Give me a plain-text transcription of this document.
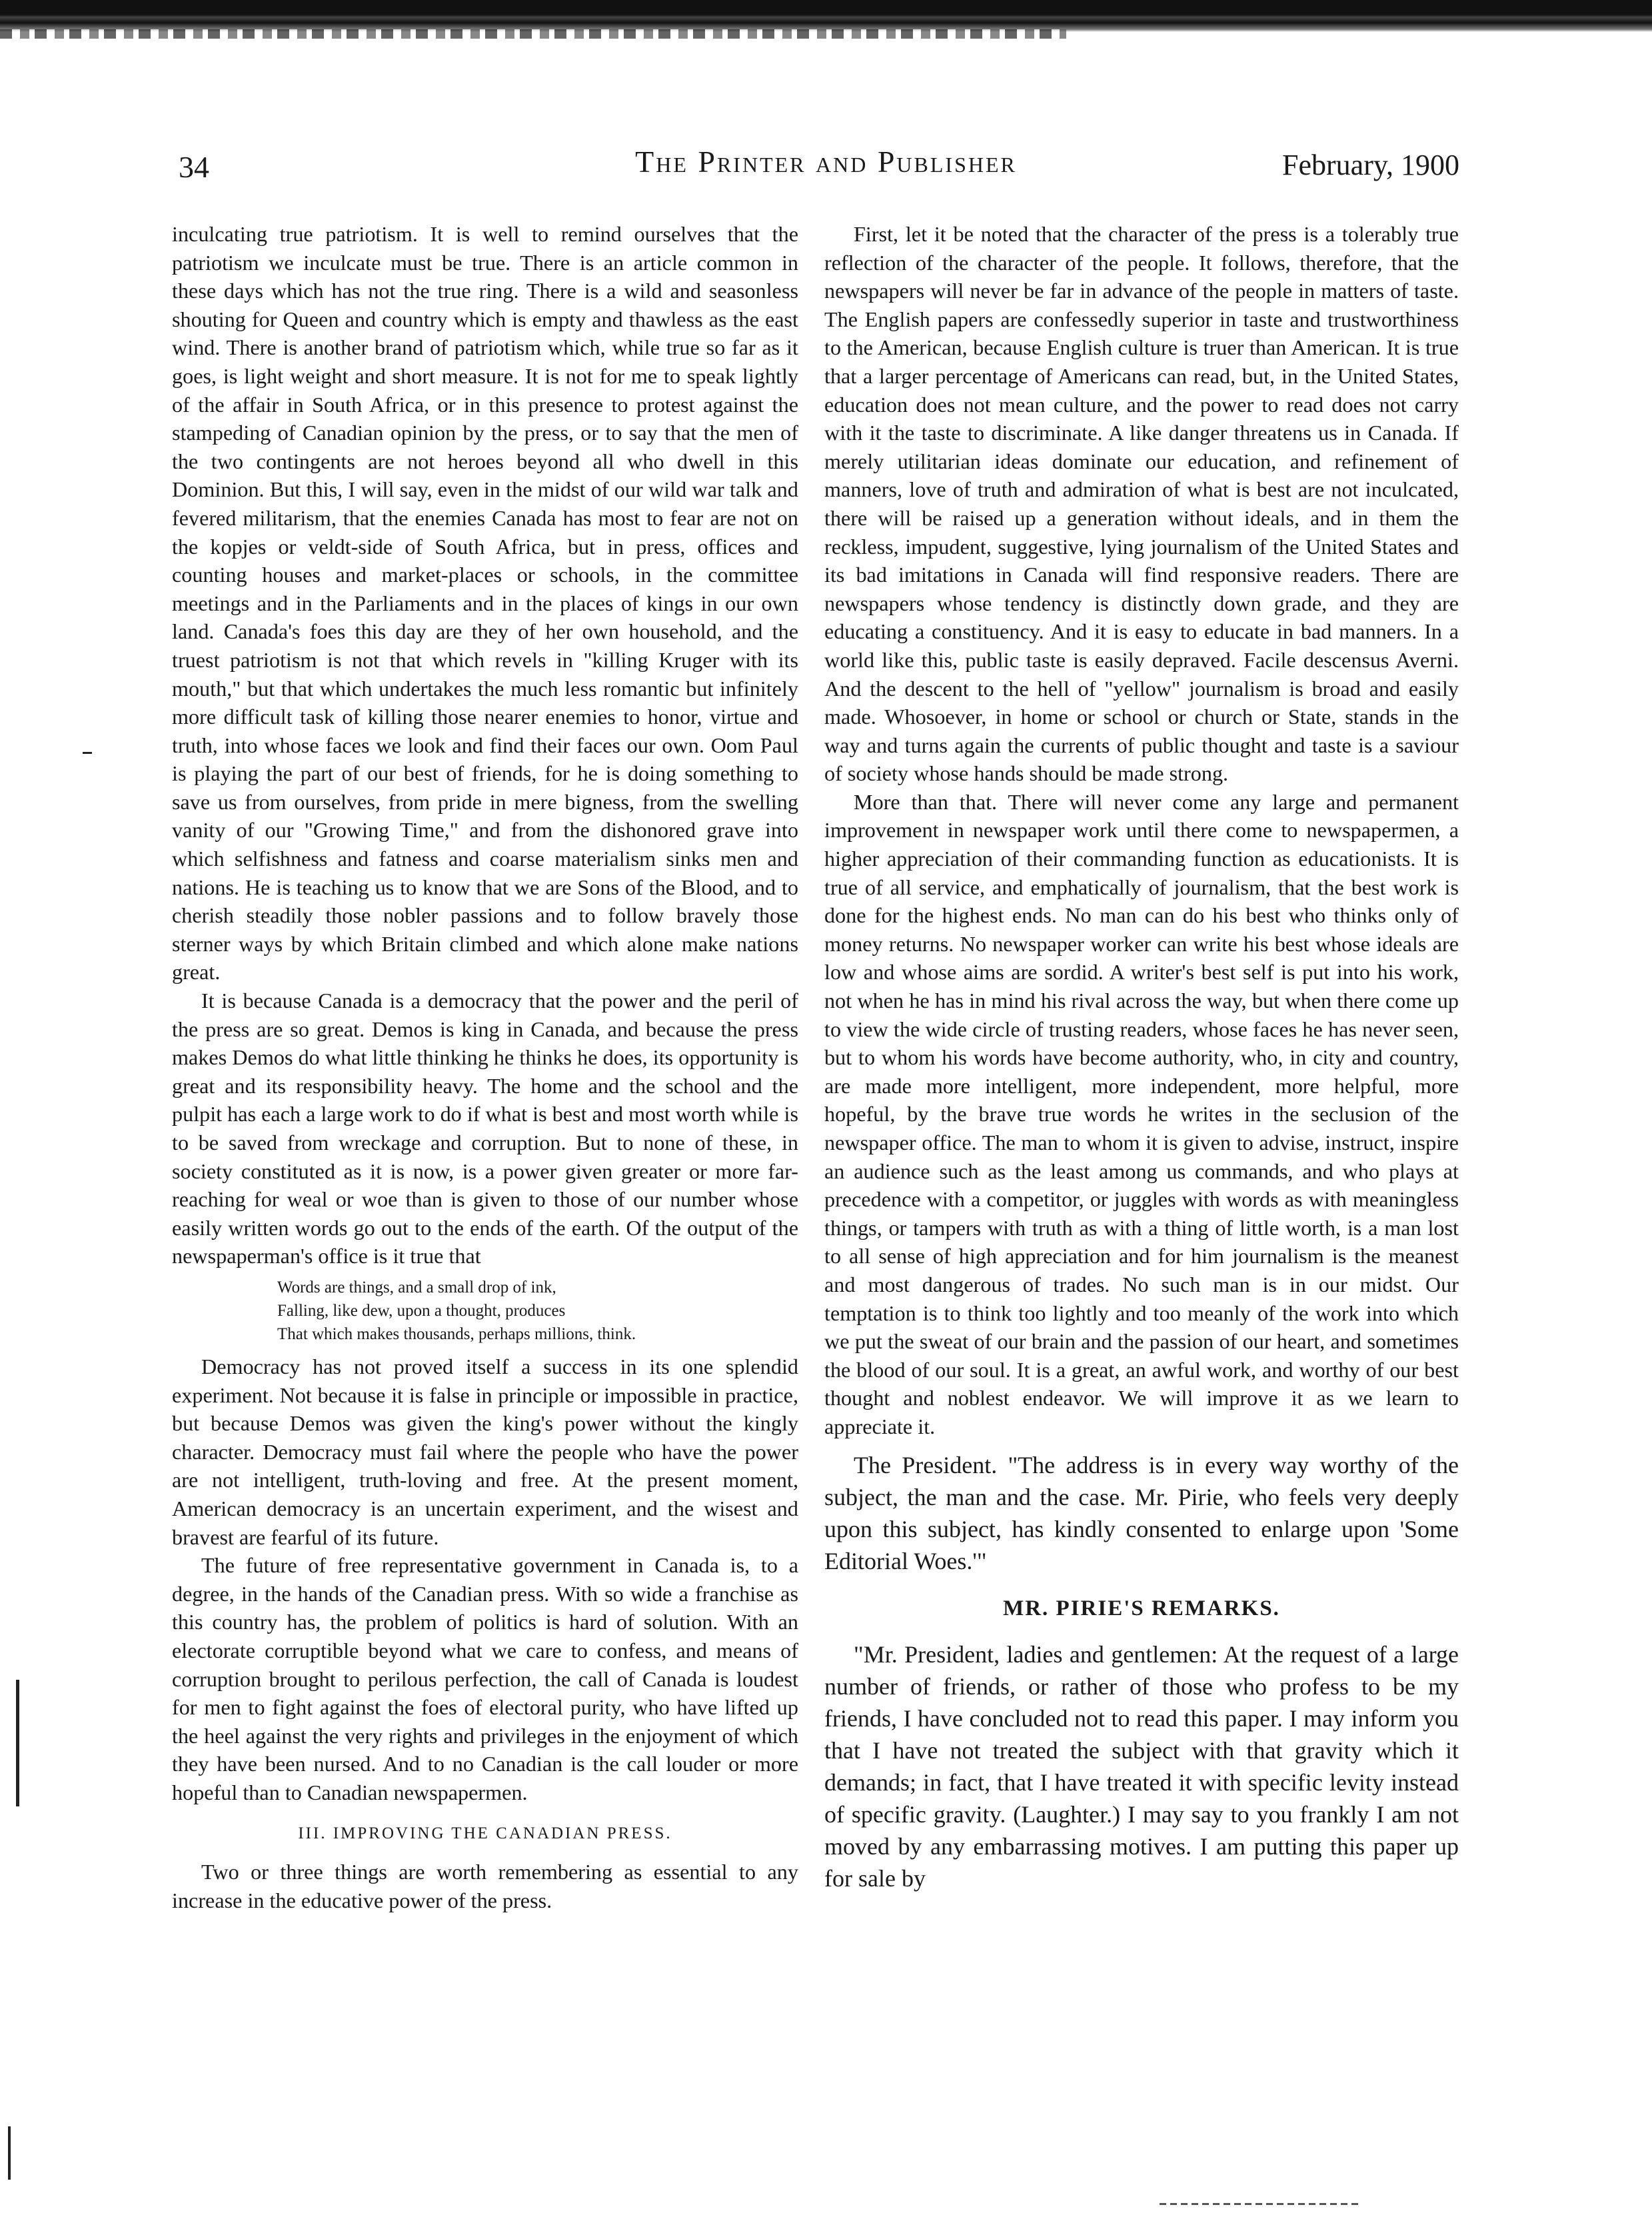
34	The Printer and Publisher	February, 1900

inculcating true patriotism. It is well to remind ourselves that the patriotism we inculcate must be true. There is an article common in these days which has not the true ring. There is a wild and seasonless shouting for Queen and country which is empty and thawless as the east wind. There is another brand of patriotism which, while true so far as it goes, is light weight and short measure. It is not for me to speak lightly of the affair in South Africa, or in this presence to protest against the stampeding of Canadian opinion by the press, or to say that the men of the two contingents are not heroes beyond all who dwell in this Dominion. But this, I will say, even in the midst of our wild war talk and fevered militarism, that the enemies Canada has most to fear are not on the kopjes or veldt-side of South Africa, but in press, offices and counting houses and market-places or schools, in the committee meetings and in the Parliaments and in the places of kings in our own land. Canada's foes this day are they of her own household, and the truest patriotism is not that which revels in "killing Kruger with its mouth," but that which undertakes the much less romantic but infinitely more difficult task of killing those nearer enemies to honor, virtue and truth, into whose faces we look and find their faces our own. Oom Paul is playing the part of our best of friends, for he is doing something to save us from ourselves, from pride in mere bigness, from the swelling vanity of our "Growing Time," and from the dishonored grave into which selfishness and fatness and coarse materialism sinks men and nations. He is teaching us to know that we are Sons of the Blood, and to cherish steadily those nobler passions and to follow bravely those sterner ways by which Britain climbed and which alone make nations great.

It is because Canada is a democracy that the power and the peril of the press are so great. Demos is king in Canada, and because the press makes Demos do what little thinking he thinks he does, its opportunity is great and its responsibility heavy. The home and the school and the pulpit has each a large work to do if what is best and most worth while is to be saved from wreckage and corruption. But to none of these, in society constituted as it is now, is a power given greater or more far-reaching for weal or woe than is given to those of our number whose easily written words go out to the ends of the earth. Of the output of the newspaperman's office is it true that

Words are things, and a small drop of ink,
Falling, like dew, upon a thought, produces
That which makes thousands, perhaps millions, think.

Democracy has not proved itself a success in its one splendid experiment. Not because it is false in principle or impossible in practice, but because Demos was given the king's power without the kingly character. Democracy must fail where the people who have the power are not intelligent, truth-loving and free. At the present moment, American democracy is an uncertain experiment, and the wisest and bravest are fearful of its future.

The future of free representative government in Canada is, to a degree, in the hands of the Canadian press. With so wide a franchise as this country has, the problem of politics is hard of solution. With an electorate corruptible beyond what we care to confess, and means of corruption brought to perilous perfection, the call of Canada is loudest for men to fight against the foes of electoral purity, who have lifted up the heel against the very rights and privileges in the enjoyment of which they have been nursed. And to no Canadian is the call louder or more hopeful than to Canadian newspapermen.

III. IMPROVING THE CANADIAN PRESS.

Two or three things are worth remembering as essential to any increase in the educative power of the press.

First, let it be noted that the character of the press is a tolerably true reflection of the character of the people. It follows, therefore, that the newspapers will never be far in advance of the people in matters of taste. The English papers are confessedly superior in taste and trustworthiness to the American, because English culture is truer than American. It is true that a larger percentage of Americans can read, but, in the United States, education does not mean culture, and the power to read does not carry with it the taste to discriminate. A like danger threatens us in Canada. If merely utilitarian ideas dominate our education, and refinement of manners, love of truth and admiration of what is best are not inculcated, there will be raised up a generation without ideals, and in them the reckless, impudent, suggestive, lying journalism of the United States and its bad imitations in Canada will find responsive readers. There are newspapers whose tendency is distinctly down grade, and they are educating a constituency. And it is easy to educate in bad manners. In a world like this, public taste is easily depraved. Facile descensus Averni. And the descent to the hell of "yellow" journalism is broad and easily made. Whosoever, in home or school or church or State, stands in the way and turns again the currents of public thought and taste is a saviour of society whose hands should be made strong.

More than that. There will never come any large and permanent improvement in newspaper work until there come to newspapermen, a higher appreciation of their commanding function as educationists. It is true of all service, and emphatically of journalism, that the best work is done for the highest ends. No man can do his best who thinks only of money returns. No newspaper worker can write his best whose ideals are low and whose aims are sordid. A writer's best self is put into his work, not when he has in mind his rival across the way, but when there come up to view the wide circle of trusting readers, whose faces he has never seen, but to whom his words have become authority, who, in city and country, are made more intelligent, more independent, more helpful, more hopeful, by the brave true words he writes in the seclusion of the newspaper office. The man to whom it is given to advise, instruct, inspire an audience such as the least among us commands, and who plays at precedence with a competitor, or juggles with words as with meaningless things, or tampers with truth as with a thing of little worth, is a man lost to all sense of high appreciation and for him journalism is the meanest and most dangerous of trades. No such man is in our midst. Our temptation is to think too lightly and too meanly of the work into which we put the sweat of our brain and the passion of our heart, and sometimes the blood of our soul. It is a great, an awful work, and worthy of our best thought and noblest endeavor. We will improve it as we learn to appreciate it.

The President. "The address is in every way worthy of the subject, the man and the case. Mr. Pirie, who feels very deeply upon this subject, has kindly consented to enlarge upon 'Some Editorial Woes.'"

MR. PIRIE'S REMARKS.

"Mr. President, ladies and gentlemen: At the request of a large number of friends, or rather of those who profess to be my friends, I have concluded not to read this paper. I may inform you that I have not treated the subject with that gravity which it demands; in fact, that I have treated it with specific levity instead of specific gravity. (Laughter.) I may say to you frankly I am not moved by any embarrassing motives. I am putting this paper up for sale by
